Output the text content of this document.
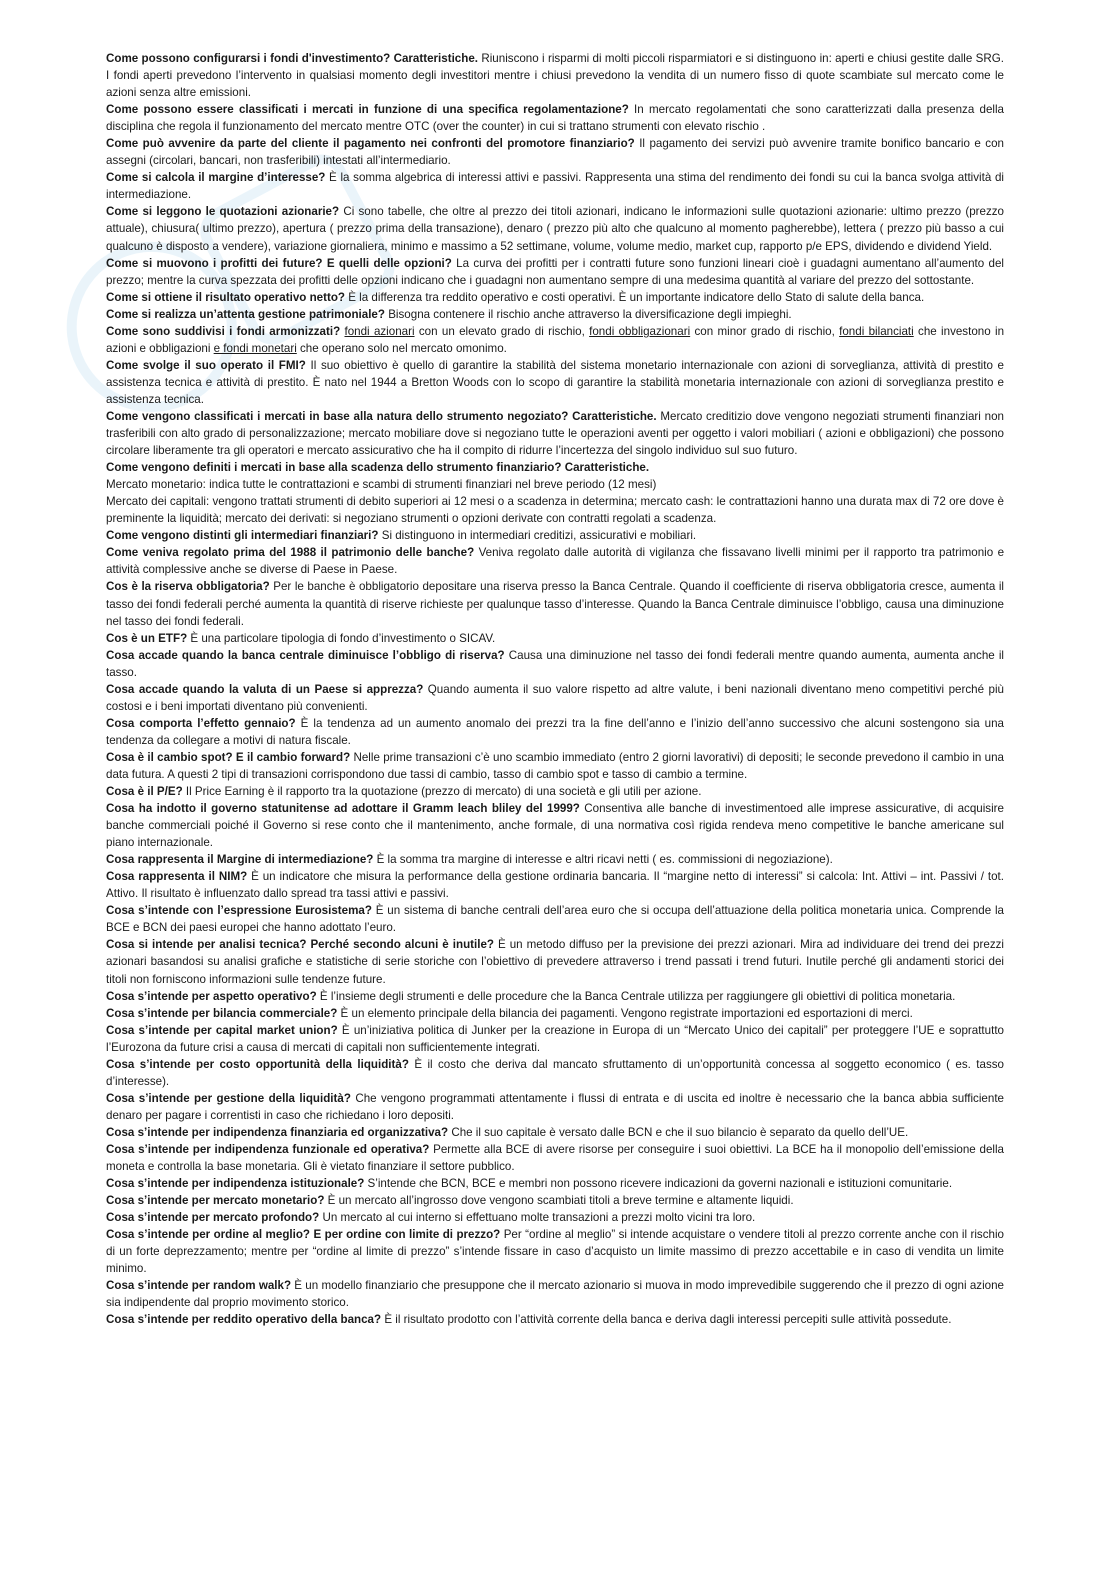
Come possono configurarsi i fondi d'investimento? Caratteristiche. Riuniscono i risparmi di molti piccoli risparmiatori e si distinguono in: aperti e chiusi gestite dalle SRG. I fondi aperti prevedono l’intervento in qualsiasi momento degli investitori mentre i chiusi prevedono la vendita di un numero fisso di quote scambiate sul mercato come le azioni senza altre emissioni.

Come possono essere classificati i mercati in funzione di una specifica regolamentazione? In mercato regolamentati che sono caratterizzati dalla presenza della disciplina che regola il funzionamento del mercato mentre OTC (over the counter) in cui si trattano strumenti con elevato rischio .

Come può avvenire da parte del cliente il pagamento nei confronti del promotore finanziario? Il pagamento dei servizi può avvenire tramite bonifico bancario e con assegni (circolari, bancari, non trasferibili) intestati all’intermediario.

Come si calcola il margine d’interesse? È la somma algebrica di interessi attivi e passivi. Rappresenta una stima del rendimento dei fondi su cui la banca svolga attività di intermediazione.

Come si leggono le quotazioni azionarie? Ci sono tabelle, che oltre al prezzo dei titoli azionari, indicano le informazioni sulle quotazioni azionarie: ultimo prezzo (prezzo attuale), chiusura( ultimo prezzo), apertura ( prezzo prima della transazione), denaro ( prezzo più alto che qualcuno al momento pagherebbe), lettera ( prezzo più basso a cui qualcuno è disposto a vendere), variazione giornaliera, minimo e massimo a 52 settimane, volume, volume medio, market cup, rapporto p/e EPS, dividendo e dividend Yield.

Come si muovono i profitti dei future? E quelli delle opzioni? La curva dei profitti per i contratti future sono funzioni lineari cioè i guadagni aumentano all’aumento del prezzo; mentre la curva spezzata dei profitti delle opzioni indicano che i guadagni non aumentano sempre di una medesima quantità al variare del prezzo del sottostante.

Come si ottiene il risultato operativo netto? È la differenza tra reddito operativo e costi operativi. È un importante indicatore dello Stato di salute della banca.

Come si realizza un’attenta gestione patrimoniale? Bisogna contenere il rischio anche attraverso la diversificazione degli impieghi.

Come sono suddivisi i fondi armonizzati? fondi azionari con un elevato grado di rischio, fondi obbligazionari con minor grado di rischio, fondi bilanciati che investono in azioni e obbligazioni e fondi monetari che operano solo nel mercato omonimo.

Come svolge il suo operato il FMI? Il suo obiettivo è quello di garantire la stabilità del sistema monetario internazionale con azioni di sorveglianza, attività di prestito e assistenza tecnica e attività di prestito. È nato nel 1944 a Bretton Woods con lo scopo di garantire la stabilità monetaria internazionale con azioni di sorveglianza prestito e assistenza tecnica.

Come vengono classificati i mercati in base alla natura dello strumento negoziato? Caratteristiche. Mercato creditizio dove vengono negoziati strumenti finanziari non trasferibili con alto grado di personalizzazione; mercato mobiliare dove si negoziano tutte le operazioni aventi per oggetto i valori mobiliari ( azioni e obbligazioni) che possono circolare liberamente tra gli operatori e mercato assicurativo che ha il compito di ridurre l’incertezza del singolo individuo sul suo futuro.

Come vengono definiti i mercati in base alla scadenza dello strumento finanziario? Caratteristiche.

Mercato monetario: indica tutte le contrattazioni e scambi di strumenti finanziari nel breve periodo (12 mesi)

Mercato dei capitali: vengono trattati strumenti di debito superiori ai 12 mesi o a scadenza in determina; mercato cash: le contrattazioni hanno una durata max di 72 ore dove è preminente la liquidità; mercato dei derivati: si negoziano strumenti o opzioni derivate con contratti regolati a scadenza.

Come vengono distinti gli intermediari finanziari? Si distinguono in intermediari creditizi, assicurativi e mobiliari.

Come veniva regolato prima del 1988 il patrimonio delle banche? Veniva regolato dalle autorità di vigilanza che fissavano livelli minimi per il rapporto tra patrimonio e attività complessive anche se diverse di Paese in Paese.

Cos è la riserva obbligatoria? Per le banche è obbligatorio depositare una riserva presso la Banca Centrale. Quando il coefficiente di riserva obbligatoria cresce, aumenta il tasso dei fondi federali perché aumenta la quantità di riserve richieste per qualunque tasso d’interesse. Quando la Banca Centrale diminuisce l’obbligo, causa una diminuzione nel tasso dei fondi federali.

Cos è un ETF? È una particolare tipologia di fondo d’investimento o SICAV.

Cosa accade quando la banca centrale diminuisce l’obbligo di riserva? Causa una diminuzione nel tasso dei fondi federali mentre quando aumenta, aumenta anche il tasso.

Cosa accade quando la valuta di un Paese si apprezza? Quando aumenta il suo valore rispetto ad altre valute, i beni nazionali diventano meno competitivi perché più costosi e i beni importati diventano più convenienti.

Cosa comporta l’effetto gennaio? È la tendenza ad un aumento anomalo dei prezzi tra la fine dell’anno e l’inizio dell’anno successivo che alcuni sostengono sia una tendenza da collegare a motivi di natura fiscale.

Cosa è il cambio spot? E il cambio forward? Nelle prime transazioni c’è uno scambio immediato (entro 2 giorni lavorativi) di depositi; le seconde prevedono il cambio in una data futura. A questi 2 tipi di transazioni corrispondono due tassi di cambio, tasso di cambio spot e tasso di cambio a termine.

Cosa è il P/E? Il Price Earning è il rapporto tra la quotazione (prezzo di mercato) di una società e gli utili per azione.

Cosa ha indotto il governo statunitense ad adottare il Gramm leach bliley del 1999? Consentiva alle banche di investimentoed alle imprese assicurative, di acquisire banche commerciali poiché il Governo si rese conto che il mantenimento, anche formale, di una normativa così rigida rendeva meno competitive le banche americane sul piano internazionale.

Cosa rappresenta il Margine di intermediazione? È la somma tra margine di interesse e altri ricavi netti ( es. commissioni di negoziazione).

Cosa rappresenta il NIM? È un indicatore che misura la performance della gestione ordinaria bancaria. Il “margine netto di interessi” si calcola: Int. Attivi – int. Passivi / tot. Attivo. Il risultato è influenzato dallo spread tra tassi attivi e passivi.

Cosa s’intende con l’espressione Eurosistema? È un sistema di banche centrali dell’area euro che si occupa dell’attuazione della politica monetaria unica. Comprende la BCE e BCN dei paesi europei che hanno adottato l’euro.

Cosa si intende per analisi tecnica? Perché secondo alcuni è inutile? È un metodo diffuso per la previsione dei prezzi azionari. Mira ad individuare dei trend dei prezzi azionari basandosi su analisi grafiche e statistiche di serie storiche con l’obiettivo di prevedere attraverso i trend passati i trend futuri. Inutile perché gli andamenti storici dei titoli non forniscono informazioni sulle tendenze future.

Cosa s’intende per aspetto operativo? È l’insieme degli strumenti e delle procedure che la Banca Centrale utilizza per raggiungere gli obiettivi di politica monetaria.

Cosa s’intende per bilancia commerciale? È un elemento principale della bilancia dei pagamenti. Vengono registrate importazioni ed esportazioni di merci.

Cosa s’intende per capital market union? È un’iniziativa politica di Junker per la creazione in Europa di un “Mercato Unico dei capitali” per proteggere l’UE e soprattutto l’Eurozona da future crisi a causa di mercati di capitali non sufficientemente integrati.

Cosa s’intende per costo opportunità della liquidità? È il costo che deriva dal mancato sfruttamento di un’opportunità concessa al soggetto economico ( es. tasso d’interesse).

Cosa s’intende per gestione della liquidità? Che vengono programmati attentamente i flussi di entrata e di uscita ed inoltre è necessario che la banca abbia sufficiente denaro per pagare i correntisti in caso che richiedano i loro depositi.

Cosa s’intende per indipendenza finanziaria ed organizzativa? Che il suo capitale è versato dalle BCN e che il suo bilancio è separato da quello dell’UE.

Cosa s’intende per indipendenza funzionale ed operativa? Permette alla BCE di avere risorse per conseguire i suoi obiettivi. La BCE ha il monopolio dell’emissione della moneta e controlla la base monetaria. Gli è vietato finanziare il settore pubblico.

Cosa s’intende per indipendenza istituzionale? S’intende che BCN, BCE e membri non possono ricevere indicazioni da governi nazionali e istituzioni comunitarie.

Cosa s’intende per mercato monetario? È un mercato all’ingrosso dove vengono scambiati titoli a breve termine e altamente liquidi.

Cosa s’intende per mercato profondo? Un mercato al cui interno si effettuano molte transazioni a prezzi molto vicini tra loro.

Cosa s’intende per ordine al meglio? E per ordine con limite di prezzo? Per “ordine al meglio” si intende acquistare o vendere titoli al prezzo corrente anche con il rischio di un forte deprezzamento; mentre per “ordine al limite di prezzo” s’intende fissare in caso d’acquisto un limite massimo di prezzo accettabile e in caso di vendita un limite minimo.

Cosa s’intende per random walk? È un modello finanziario che presuppone che il mercato azionario si muova in modo imprevedibile suggerendo che il prezzo di ogni azione sia indipendente dal proprio movimento storico.

Cosa s’intende per reddito operativo della banca? È il risultato prodotto con l’attività corrente della banca e deriva dagli interessi percepiti sulle attività possedute.
